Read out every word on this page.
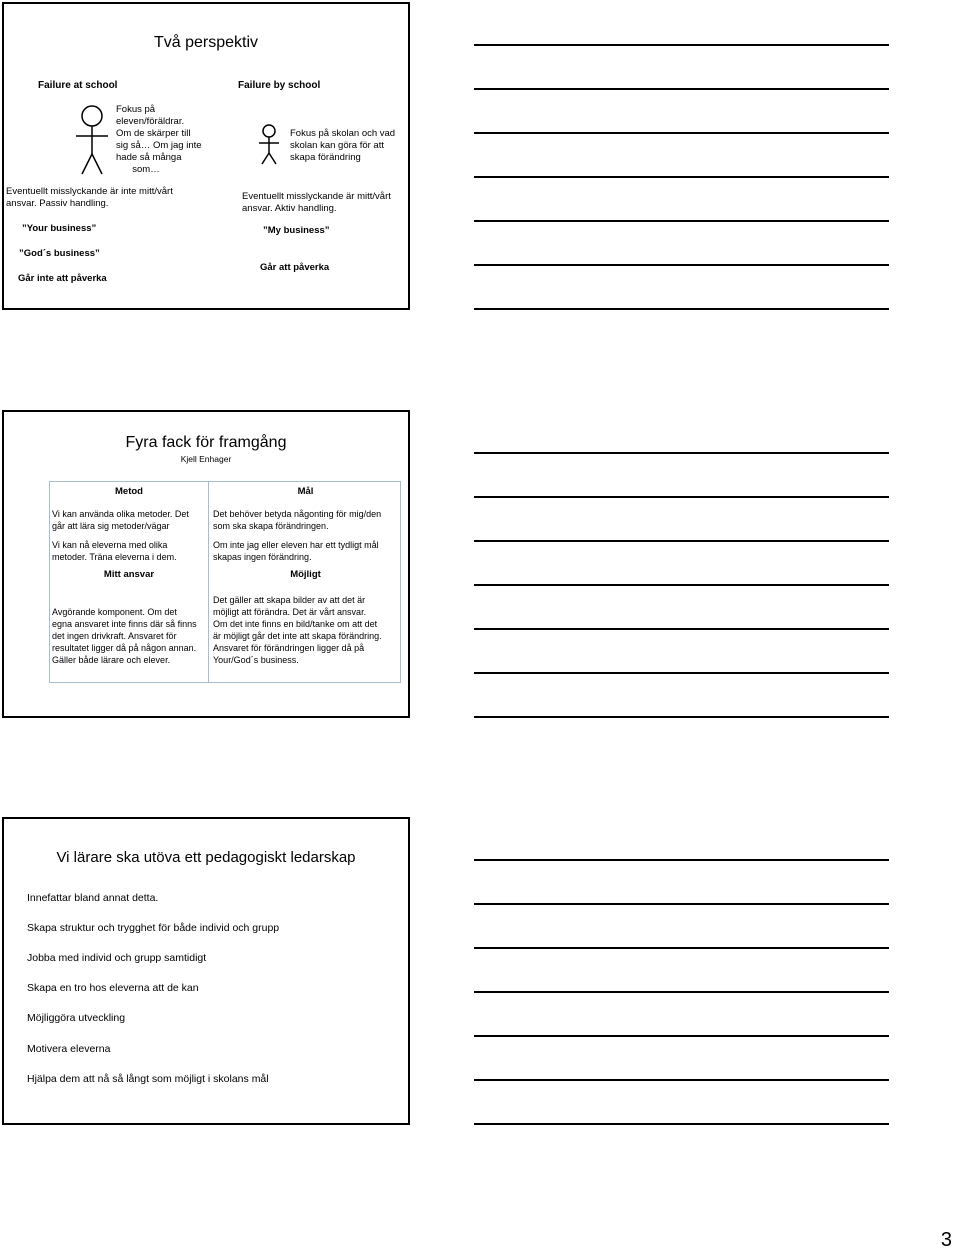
Två perspektiv

Failure at school	Failure by school

Fokus på
eleven/föräldrar.
Om de skärper till
sig så… Om jag inte
hade så många
som…
Fokus på skolan och vad
skolan kan göra för att
skapa förändring
Eventuellt misslyckande är inte mitt/vårt
ansvar. Passiv handling.
Eventuellt misslyckande är mitt/vårt
ansvar. Aktiv handling.

”Your business”	”My business”

”God´s business”

Går att påverka

Går inte att påverka

Fyra fack för framgång

Kjell Enhager

Metod

Vi kan använda olika metoder. Det
går att lära sig metoder/vägar
Vi kan nå eleverna med olika
metoder. Träna eleverna i dem.

Mitt ansvar

Avgörande komponent. Om det
egna ansvaret inte finns där så finns
det ingen drivkraft. Ansvaret för
resultatet ligger då på någon annan.
Gäller både lärare och elever.

Mål

Det behöver betyda någonting för mig/den
som ska skapa förändringen.
Om inte jag eller eleven har ett tydligt mål
skapas ingen förändring.

Möjligt

Det gäller att skapa bilder av att det är
möjligt att förändra. Det är vårt ansvar.
Om det inte finns en bild/tanke om att det
är möjligt går det inte att skapa förändring.
Ansvaret för förändringen ligger då på
Your/God´s business.

Vi lärare ska utöva ett pedagogiskt ledarskap

Innefattar bland annat detta.

Skapa struktur och trygghet för både individ och grupp

Jobba med individ och grupp samtidigt

Skapa en tro hos eleverna att de kan

Möjliggöra utveckling

Motivera eleverna

Hjälpa dem att nå så långt som möjligt i skolans mål

3
